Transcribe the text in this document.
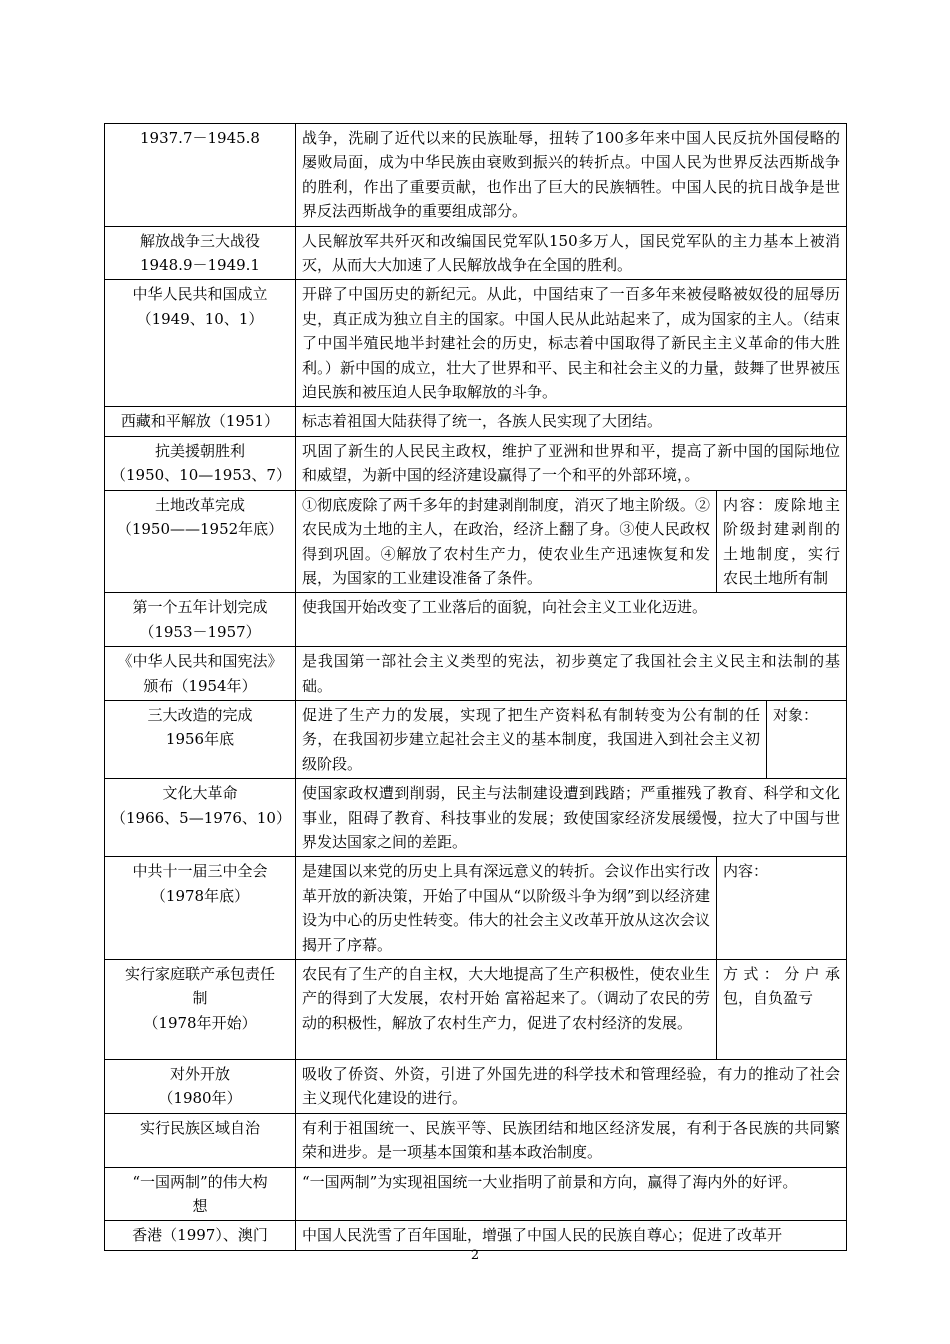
1937.7－1945.8	战争，洗刷了近代以来的民族耻辱，扭转了100多年来中国人民反抗外国侵略的屡败局面，成为中华民族由衰败到振兴的转折点。中国人民为世界反法西斯战争的胜利，作出了重要贡献，也作出了巨大的民族牺牲。中国人民的抗日战争是世界反法西斯战争的重要组成部分。		

解放战争三大战役
1948.9－1949.1	人民解放军共歼灭和改编国民党军队150多万人，国民党军队的主力基本上被消灭，从而大大加速了人民解放战争在全国的胜利。		

中华人民共和国成立
（1949、10、1）	开辟了中国历史的新纪元。从此，中国结束了一百多年来被侵略被奴役的屈辱历史，真正成为独立自主的国家。中国人民从此站起来了，成为国家的主人。（结束了中国半殖民地半封建社会的历史，标志着中国取得了新民主主义革命的伟大胜利。）新中国的成立，壮大了世界和平、民主和社会主义的力量，鼓舞了世界被压迫民族和被压迫人民争取解放的斗争。		

西藏和平解放（1951）	标志着祖国大陆获得了统一，各族人民实现了大团结。		

抗美援朝胜利
（1950、10—1953、7）	巩固了新生的人民民主政权，维护了亚洲和世界和平，提高了新中国的国际地位和威望，为新中国的经济建设赢得了一个和平的外部环境，。		

土地改革完成
（1950——1952年底）	①彻底废除了两千多年的封建剥削制度，消灭了地主阶级。②农民成为土地的主人，在政治，经济上翻了身。③使人民政权得到巩固。④解放了农村生产力，使农业生产迅速恢复和发展，为国家的工业建设准备了条件。	内容：废除地主阶级封建剥削的土地制度，实行农民土地所有制	

第一个五年计划完成
（1953－1957）	使我国开始改变了工业落后的面貌，向社会主义工业化迈进。		

《中华人民共和国宪法》
颁布（1954年）	是我国第一部社会主义类型的宪法，初步奠定了我国社会主义民主和法制的基础。		

三大改造的完成
1956年底	促进了生产力的发展，实现了把生产资料私有制转变为公有制的任务，在我国初步建立起社会主义的基本制度，我国进入到社会主义初级阶段。		对象：

文化大革命
（1966、5—1976、10）	使国家政权遭到削弱，民主与法制建设遭到践踏；严重摧残了教育、科学和文化事业，阻碍了教育、科技事业的发展；致使国家经济发展缓慢，拉大了中国与世界发达国家之间的差距。		

中共十一届三中全会
（1978年底）	是建国以来党的历史上具有深远意义的转折。会议作出实行改革开放的新决策，开始了中国从“以阶级斗争为纲”到以经济建设为中心的历史性转变。伟大的社会主义改革开放从这次会议揭开了序幕。	内容：	

实行家庭联产承包责任
制
（1978年开始）	农民有了生产的自主权，大大地提高了生产积极性，使农业生产的得到了大发展，农村开始 富裕起来了。（调动了农民的劳动的积极性，解放了农村生产力，促进了农村经济的发展。	方式：分户承包，自负盈亏	

对外开放
（1980年）	吸收了侨资、外资，引进了外国先进的科学技术和管理经验，有力的推动了社会主义现代化建设的进行。		

实行民族区域自治	有利于祖国统一、民族平等、民族团结和地区经济发展，有利于各民族的共同繁荣和进步。是一项基本国策和基本政治制度。		

“一国两制”的伟大构
想	“一国两制”为实现祖国统一大业指明了前景和方向，赢得了海内外的好评。		

香港（1997）、澳门	中国人民洗雪了百年国耻，增强了中国人民的民族自尊心；促进了改革开		
2
